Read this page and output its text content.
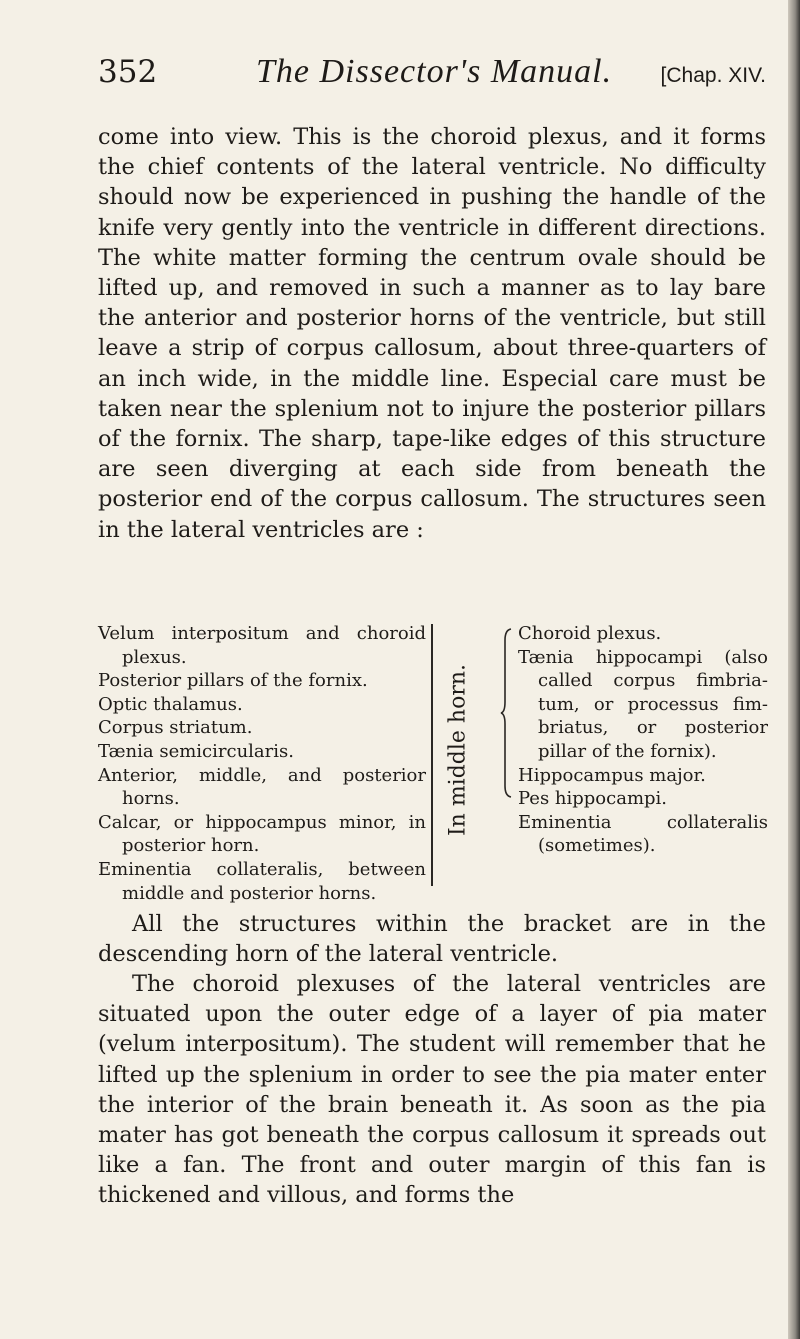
352	The Dissector's Manual. [Chap. XIV.

come into view. This is the choroid plexus, and it forms the chief contents of the lateral ventricle. No difficulty should now be experienced in pushing the handle of the knife very gently into the ventricle in different directions. The white matter forming the centrum ovale should be lifted up, and removed in such a manner as to lay bare the anterior and posterior horns of the ventricle, but still leave a strip of corpus callosum, about three-quarters of an inch wide, in the middle line. Especial care must be taken near the splenium not to injure the posterior pillars of the fornix. The sharp, tape-like edges of this structure are seen diverging at each side from beneath the posterior end of the corpus callosum. The structures seen in the lateral ventricles are :

Velum interpositum and choroid plexus.
Posterior pillars of the fornix.
Optic thalamus.
Corpus striatum.
Tænia semicircularis.
Anterior, middle, and posterior horns.
Calcar, or hippocampus minor, in posterior horn.
Eminentia collateralis, between middle and posterior horns.
In middle horn.
Choroid plexus.
Tænia hippocampi (also called corpus fimbria-tum, or processus fim-briatus, or posterior pillar of the fornix).
Hippocampus major.
Pes hippocampi.
Eminentia collateralis (sometimes).

All the structures within the bracket are in the descending horn of the lateral ventricle.

The choroid plexuses of the lateral ventricles are situated upon the outer edge of a layer of pia mater (velum interpositum). The student will remember that he lifted up the splenium in order to see the pia mater enter the interior of the brain beneath it. As soon as the pia mater has got beneath the corpus callosum it spreads out like a fan. The front and outer margin of this fan is thickened and villous, and forms the
